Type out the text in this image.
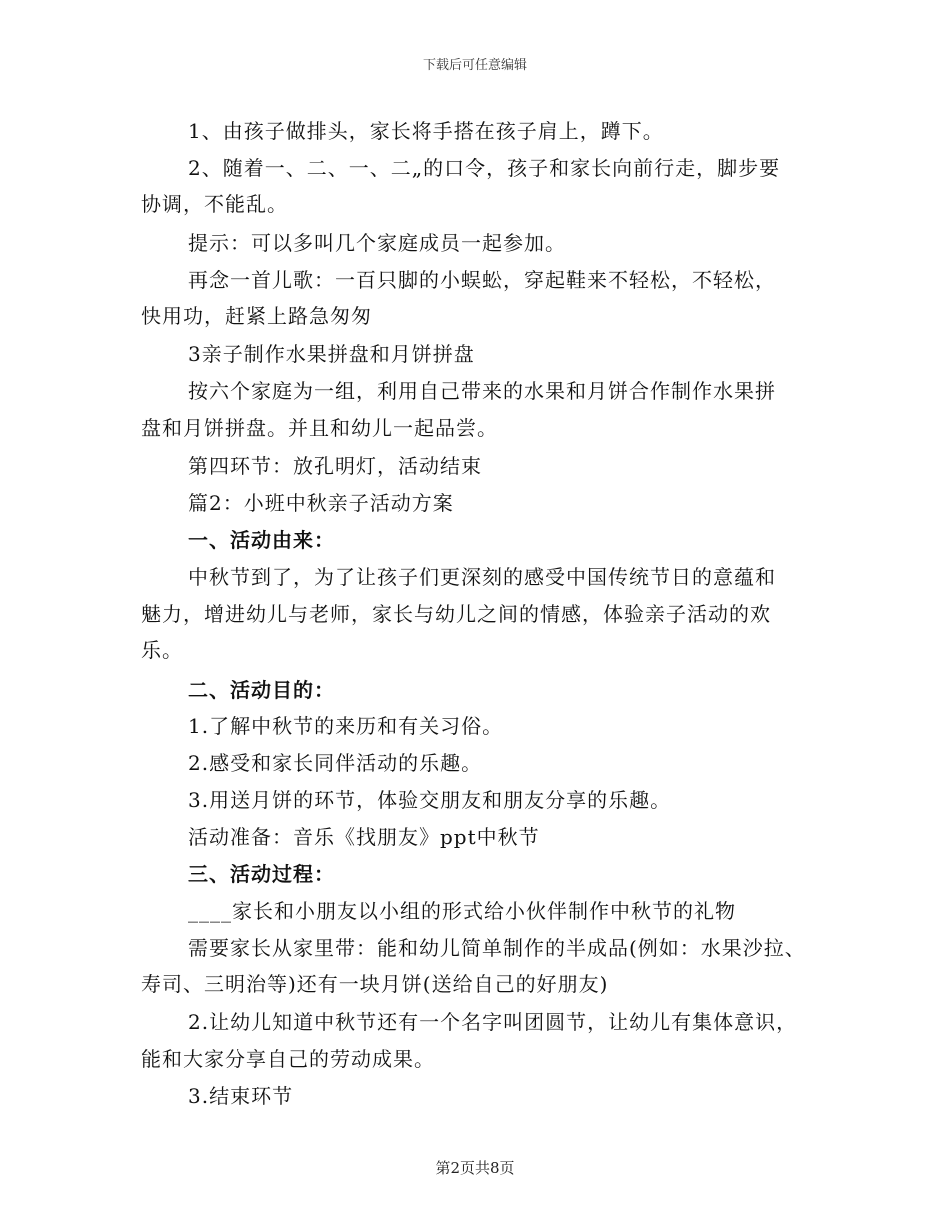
下载后可任意编辑
1、由孩子做排头，家长将手搭在孩子肩上，蹲下。
2、随着一、二、一、二„的口令，孩子和家长向前行走，脚步要
协调，不能乱。
提示：可以多叫几个家庭成员一起参加。
再念一首儿歌：一百只脚的小蜈蚣，穿起鞋来不轻松，不轻松，
快用功，赶紧上路急匆匆
3亲子制作水果拼盘和月饼拼盘
按六个家庭为一组，利用自己带来的水果和月饼合作制作水果拼
盘和月饼拼盘。并且和幼儿一起品尝。
第四环节：放孔明灯，活动结束
篇2：小班中秋亲子活动方案
一、活动由来：
中秋节到了，为了让孩子们更深刻的感受中国传统节日的意蕴和
魅力，增进幼儿与老师，家长与幼儿之间的情感，体验亲子活动的欢
乐。
二、活动目的：
1.了解中秋节的来历和有关习俗。
2.感受和家长同伴活动的乐趣。
3.用送月饼的环节，体验交朋友和朋友分享的乐趣。
活动准备：音乐《找朋友》ppt中秋节
三、活动过程：
____家长和小朋友以小组的形式给小伙伴制作中秋节的礼物
需要家长从家里带：能和幼儿简单制作的半成品(例如：水果沙拉、
寿司、三明治等)还有一块月饼(送给自己的好朋友)
2.让幼儿知道中秋节还有一个名字叫团圆节，让幼儿有集体意识，
能和大家分享自己的劳动成果。
3.结束环节
第2页共8页
